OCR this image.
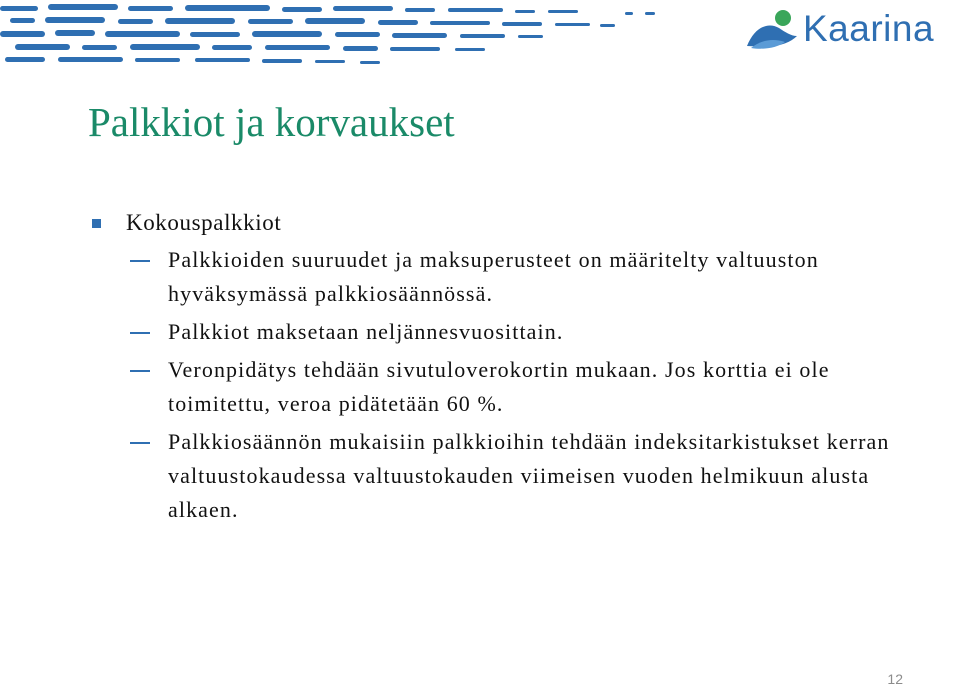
Kaarina
Palkkiot ja korvaukset
Kokouspalkkiot
Palkkioiden suuruudet ja maksuperusteet on määritelty valtuuston hyväksymässä palkkiosäännössä.
Palkkiot maksetaan neljännesvuosittain.
Veronpidätys tehdään sivutuloverokortin mukaan. Jos korttia ei ole toimitettu, veroa pidätetään 60 %.
Palkkiosäännön mukaisiin palkkioihin tehdään indeksitarkistukset kerran valtuustokaudessa valtuustokauden viimeisen vuoden helmikuun alusta alkaen.
12
